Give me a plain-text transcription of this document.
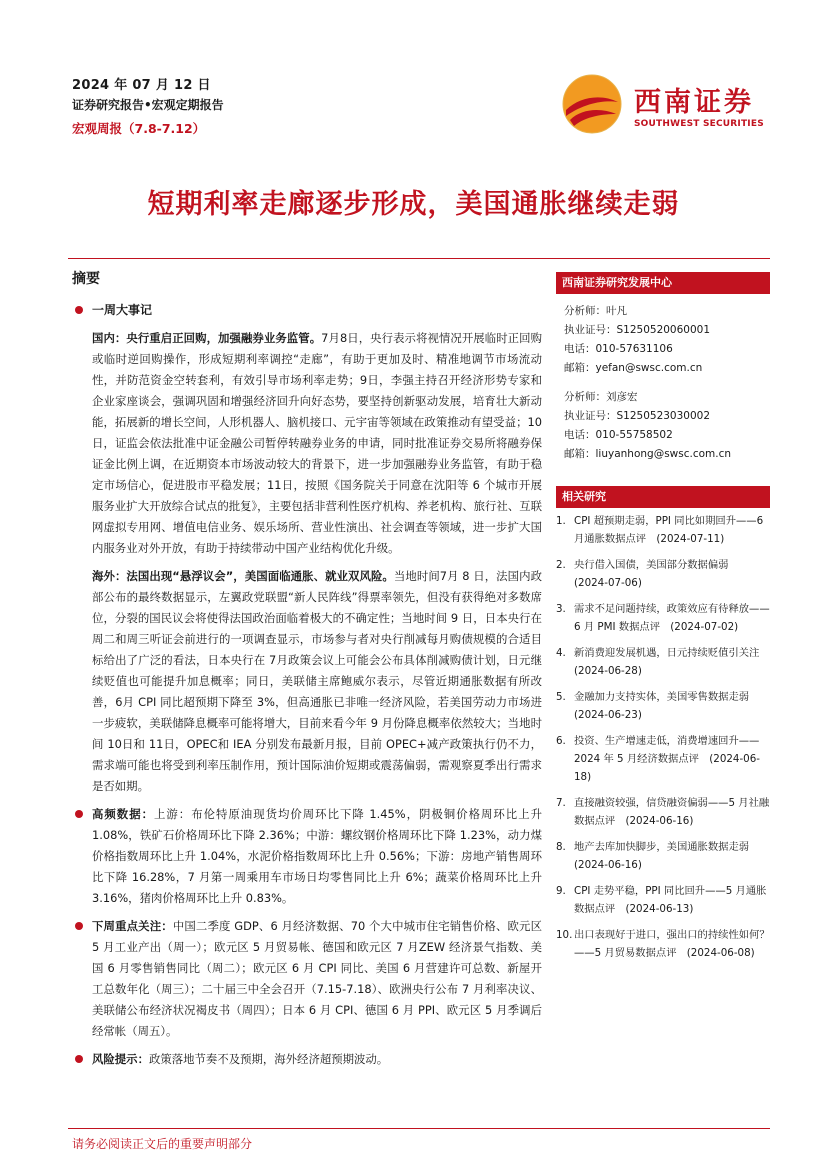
2024 年 07 月 12 日
证券研究报告•宏观定期报告
宏观周报（7.8-7.12）
西南证券
SOUTHWEST SECURITIES
短期利率走廊逐步形成，美国通胀继续走弱
摘要
一周大事记

国内：央行重启正回购，加强融券业务监管。7月8日，央行表示将视情况开展临时正回购或临时逆回购操作，形成短期利率调控“走廊”，有助于更加及时、精准地调节市场流动性，并防范资金空转套利，有效引导市场利率走势；9日，李强主持召开经济形势专家和企业家座谈会，强调巩固和增强经济回升向好态势，要坚持创新驱动发展，培育壮大新动能，拓展新的增长空间，人形机器人、脑机接口、元宇宙等领域在政策推动有望受益；10 日，证监会依法批准中证金融公司暂停转融券业务的申请，同时批准证券交易所将融券保证金比例上调，在近期资本市场波动较大的背景下，进一步加强融券业务监管，有助于稳定市场信心，促进股市平稳发展；11日，按照《国务院关于同意在沈阳等 6 个城市开展服务业扩大开放综合试点的批复》，主要包括非营利性医疗机构、养老机构、旅行社、互联网虚拟专用网、增值电信业务、娱乐场所、营业性演出、社会调查等领域，进一步扩大国内服务业对外开放，有助于持续带动中国产业结构优化升级。

海外：法国出现“悬浮议会”，美国面临通胀、就业双风险。当地时间7月 8 日，法国内政部公布的最终数据显示，左翼政党联盟“新人民阵线”得票率领先，但没有获得绝对多数席位，分裂的国民议会将使得法国政治面临着极大的不确定性；当地时间 9 日，日本央行在周二和周三听证会前进行的一项调查显示，市场参与者对央行削减每月购债规模的合适目标给出了广泛的看法，日本央行在 7月政策会议上可能会公布具体削减购债计划，日元继续贬值也可能提升加息概率；同日，美联储主席鲍威尔表示，尽管近期通胀数据有所改善，6月 CPI 同比超预期下降至 3%，但高通胀已非唯一经济风险，若美国劳动力市场进一步疲软，美联储降息概率可能将增大，目前来看今年 9 月份降息概率依然较大；当地时间 10日和 11日，OPEC和 IEA 分别发布最新月报，目前 OPEC+减产政策执行仍不力，需求端可能也将受到利率压制作用，预计国际油价短期或震荡偏弱，需观察夏季出行需求是否如期。

高频数据：上游：布伦特原油现货均价周环比下降 1.45%，阴极铜价格周环比上升 1.08%，铁矿石价格周环比下降 2.36%；中游：螺纹钢价格周环比下降 1.23%，动力煤价格指数周环比上升 1.04%，水泥价格指数周环比上升 0.56%；下游：房地产销售周环比下降 16.28%，7 月第一周乘用车市场日均零售同比上升 6%；蔬菜价格周环比上升 3.16%，猪肉价格周环比上升 0.83%。

下周重点关注：中国二季度 GDP、6 月经济数据、70 个大中城市住宅销售价格、欧元区 5 月工业产出（周一）；欧元区 5 月贸易帐、德国和欧元区 7 月ZEW 经济景气指数、美国 6 月零售销售同比（周二）；欧元区 6 月 CPI 同比、美国 6 月营建许可总数、新屋开工总数年化（周三）；二十届三中全会召开（7.15-7.18）、欧洲央行公布 7 月利率决议、美联储公布经济状况褐皮书（周四）；日本 6 月 CPI、德国 6 月 PPI、欧元区 5 月季调后经常帐（周五）。

风险提示：政策落地节奏不及预期，海外经济超预期波动。

西南证券研究发展中心
分析师：叶凡
执业证号：S1250520060001
电话：010-57631106
邮箱：yefan@swsc.com.cn
分析师：刘彦宏
执业证号：S1250523030002
电话：010-55758502
邮箱：liuyanhong@swsc.com.cn
相关研究
1. CPI 超预期走弱，PPI 同比如期回升——6 月通胀数据点评　(2024-07-11)
2. 央行借入国债，美国部分数据偏弱　(2024-07-06)
3. 需求不足问题持续，政策效应有待释放——6 月 PMI 数据点评　(2024-07-02)
4. 新消费迎发展机遇，日元持续贬值引关注　(2024-06-28)
5. 金融加力支持实体，美国零售数据走弱　(2024-06-23)
6. 投资、生产增速走低，消费增速回升——2024 年 5 月经济数据点评　(2024-06-18)
7. 直接融资较强，信贷融资偏弱——5 月社融数据点评　(2024-06-16)
8. 地产去库加快脚步，美国通胀数据走弱　(2024-06-16)
9. CPI 走势平稳，PPI 同比回升——5 月通胀数据点评　(2024-06-13)
10. 出口表现好于进口，强出口的持续性如何？——5 月贸易数据点评　(2024-06-08)
请务必阅读正文后的重要声明部分
